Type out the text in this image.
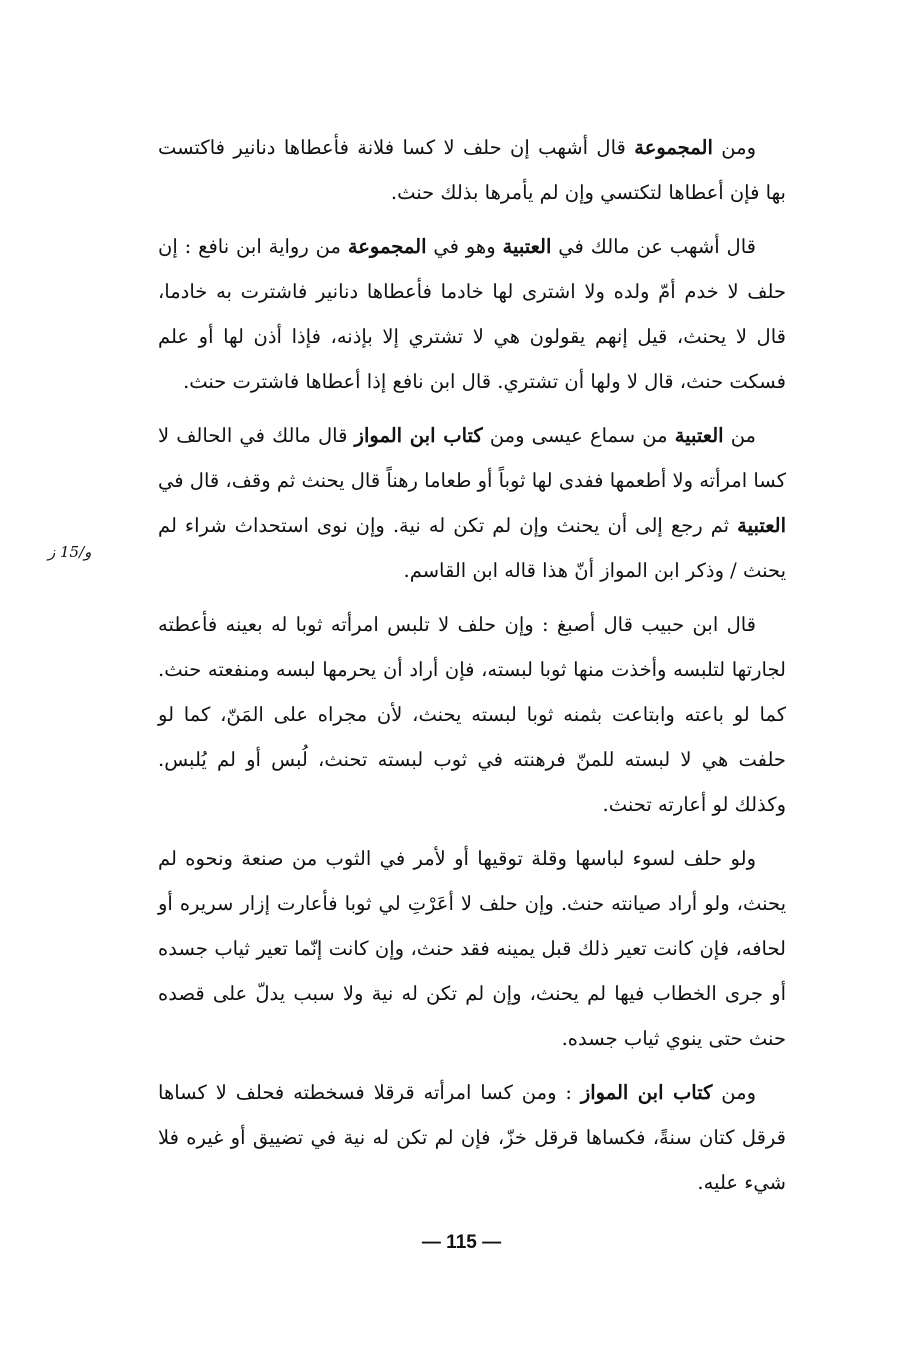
ومن المجموعة قال أشهب إن حلف لا كسا فلانة فأعطاها دنانير فاكتست بها فإن أعطاها لتكتسي وإن لم يأمرها بذلك حنث.

قال أشهب عن مالك في العتبية وهو في المجموعة من رواية ابن نافع : إن حلف لا خدم أمّ ولده ولا اشترى لها خادما فأعطاها دنانير فاشترت به خادما، قال لا يحنث، قيل إنهم يقولون هي لا تشتري إلا بإذنه، فإذا أذن لها أو علم فسكت حنث، قال لا ولها أن تشتري. قال ابن نافع إذا أعطاها فاشترت حنث.

من العتبية من سماع عيسى ومن كتاب ابن المواز قال مالك في الحالف لا كسا امرأته ولا أطعمها ففدى لها ثوباً أو طعاما رهناً قال يحنث ثم وقف، قال في العتبية ثم رجع إلى أن يحنث وإن لم تكن له نية. وإن نوى استحداث شراء لم يحنث / وذكر ابن المواز أنّ هذا قاله ابن القاسم.

قال ابن حبيب قال أصبغ : وإن حلف لا تلبس امرأته ثوبا له بعينه فأعطته لجارتها لتلبسه وأخذت منها ثوبا لبسته، فإن أراد أن يحرمها لبسه ومنفعته حنث. كما لو باعته وابتاعت بثمنه ثوبا لبسته يحنث، لأن مجراه على المَنّ، كما لو حلفت هي لا لبسته للمنّ فرهنته في ثوب لبسته تحنث، لُبس أو لم يُلبس. وكذلك لو أعارته تحنث.

ولو حلف لسوء لباسها وقلة توقيها أو لأمر في الثوب من صنعة ونحوه لم يحنث، ولو أراد صيانته حنث. وإن حلف لا أعَرْتِ لي ثوبا فأعارت إزار سريره أو لحافه، فإن كانت تعير ذلك قبل يمينه فقد حنث، وإن كانت إنّما تعير ثياب جسده أو جرى الخطاب فيها لم يحنث، وإن لم تكن له نية ولا سبب يدلّ على قصده حنث حتى ينوي ثياب جسده.

ومن كتاب ابن المواز : ومن كسا امرأته قرقلا فسخطته فحلف لا كساها قرقل كتان سنةً، فكساها قرقل خزّ، فإن لم تكن له نية في تضييق أو غيره فلا شيء عليه.

و/15 ز
— 115 —
